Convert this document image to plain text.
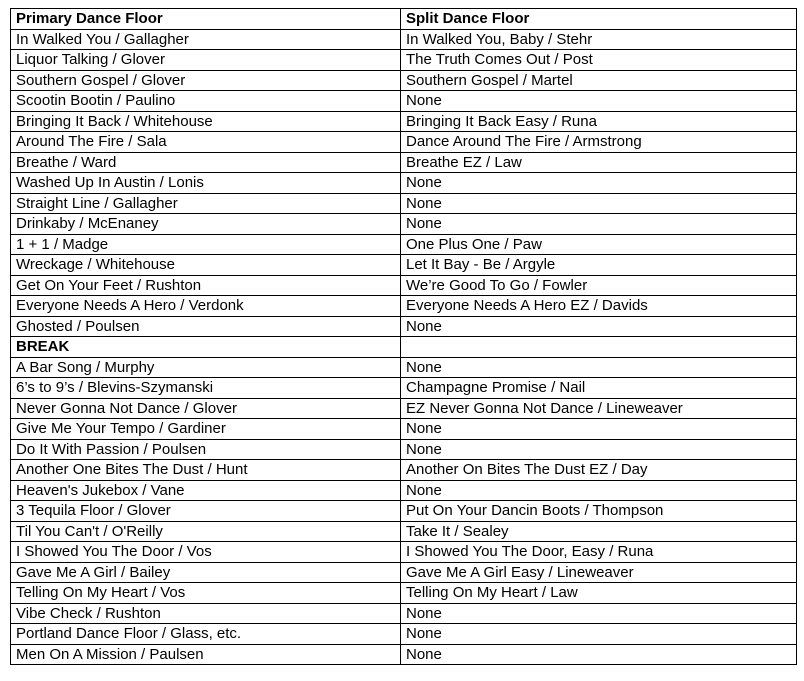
Primary Dance Floor	Split Dance Floor
In Walked You / Gallagher	In Walked You, Baby / Stehr
Liquor Talking / Glover	The Truth Comes Out / Post
Southern Gospel / Glover	Southern Gospel / Martel
Scootin Bootin / Paulino	None
Bringing It Back / Whitehouse	Bringing It Back Easy / Runa
Around The Fire / Sala	Dance Around The Fire / Armstrong
Breathe / Ward	Breathe EZ / Law
Washed Up In Austin / Lonis	None
Straight Line / Gallagher	None
Drinkaby / McEnaney	None
1 + 1 / Madge	One Plus One / Paw
Wreckage / Whitehouse	Let It Bay - Be / Argyle
Get On Your Feet / Rushton	We’re Good To Go / Fowler
Everyone Needs A Hero / Verdonk	Everyone Needs A Hero EZ / Davids
Ghosted / Poulsen	None
BREAK	
A Bar Song / Murphy	None
6’s to 9’s / Blevins-Szymanski	Champagne Promise / Nail
Never Gonna Not Dance / Glover	EZ Never Gonna Not Dance / Lineweaver
Give Me Your Tempo / Gardiner	None
Do It With Passion / Poulsen	None
Another One Bites The Dust / Hunt	Another On Bites The Dust EZ / Day
Heaven's Jukebox / Vane	None
3 Tequila Floor / Glover	Put On Your Dancin Boots / Thompson
Til You Can't / O'Reilly	Take It / Sealey
I Showed You The Door / Vos	I Showed You The Door, Easy / Runa
Gave Me A Girl / Bailey	Gave Me A Girl Easy / Lineweaver
Telling On My Heart / Vos	Telling On My Heart / Law
Vibe Check / Rushton	None
Portland Dance Floor / Glass, etc.	None
Men On A Mission / Paulsen	None
